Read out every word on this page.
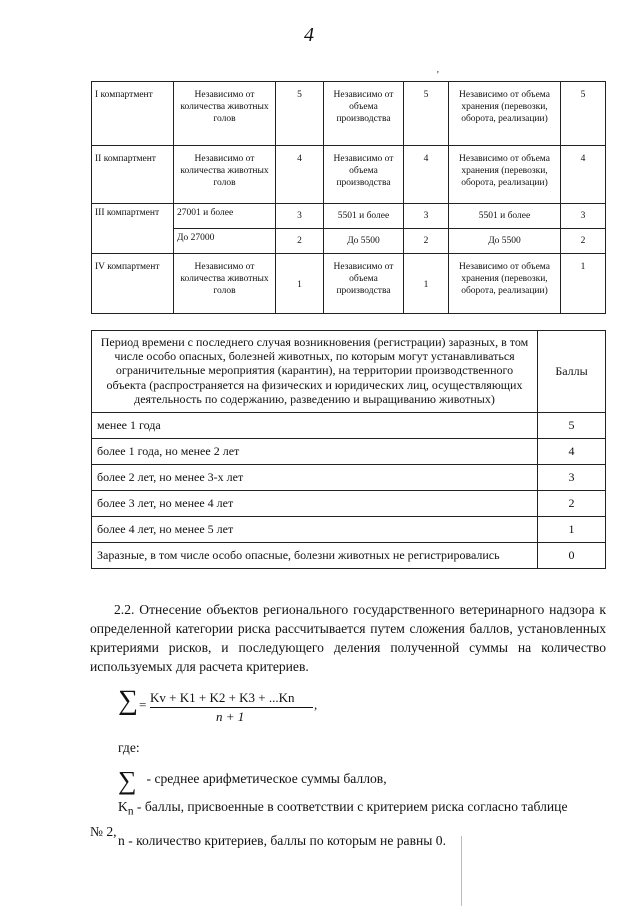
4
'
I компартмент	Независимо от количества животных голов	5	Независимо от объема производства	5	Независимо от объема хранения (перевозки, оборота, реализации)	5
II компартмент	Независимо от количества животных голов	4	Независимо от объема производства	4	Независимо от объема хранения (перевозки, оборота, реализации)	4
III компартмент	27001 и более	3	5501 и более	3	5501 и более	3
	До 27000	2	До 5500	2	До 5500	2
IV компартмент	Независимо от количества животных голов	1	Независимо от объема производства	1	Независимо от объема хранения (перевозки, оборота, реализации)	1
Период времени с последнего случая возникновения (регистрации) заразных, в том числе особо опасных, болезней животных, по которым могут устанавливаться ограничительные мероприятия (карантин), на территории производственного объекта (распространяется на физических и юридических лиц, осуществляющих деятельность по содержанию, разведению и выращиванию животных)	Баллы
менее 1 года	5
более 1 года, но менее 2 лет	4
более 2 лет, но менее 3-х лет	3
более 3 лет, но менее 4 лет	2
более 4 лет, но менее 5 лет	1
Заразные, в том числе особо опасные, болезни животных не регистрировались	0
2.2. Отнесение объектов регионального государственного ветеринарного надзора к определенной категории риска рассчитывается путем сложения баллов, установленных критериями рисков, и последующего деления полученной суммы на количество используемых для расчета критериев.
∑ = Kv + K1 + K2 + K3 + ...Kn
n + 1
,
где:
∑ - среднее арифметическое суммы баллов,
$K_n$ - баллы, присвоенные в соответствии с критерием риска согласно таблице
№ 2,
n - количество критериев, баллы по которым не равны 0.
